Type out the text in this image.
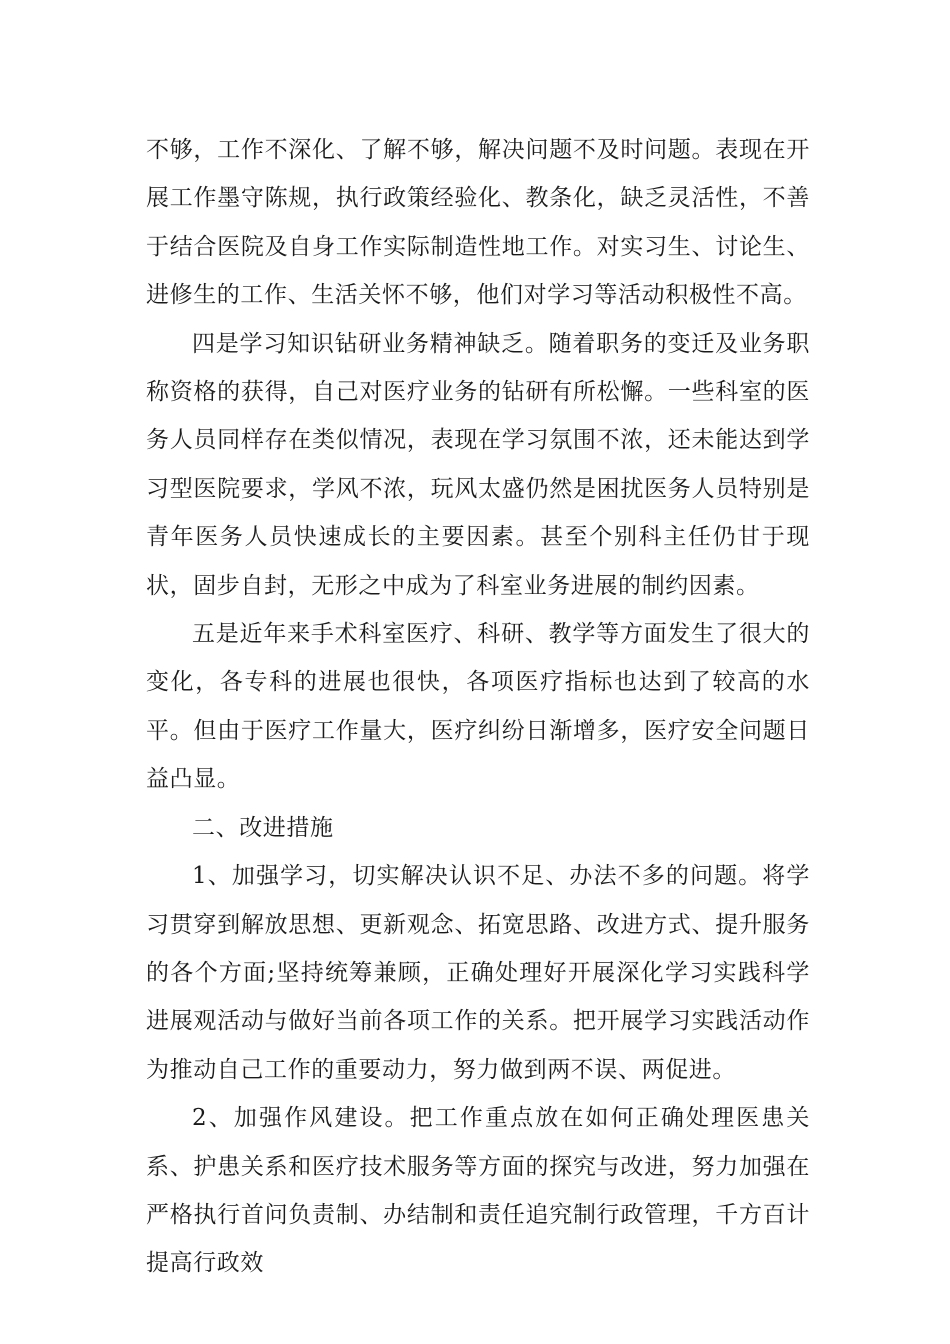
不够，工作不深化、了解不够，解决问题不及时问题。表现在开展工作墨守陈规，执行政策经验化、教条化，缺乏灵活性，不善于结合医院及自身工作实际制造性地工作。对实习生、讨论生、进修生的工作、生活关怀不够，他们对学习等活动积极性不高。

四是学习知识钻研业务精神缺乏。随着职务的变迁及业务职称资格的获得，自己对医疗业务的钻研有所松懈。一些科室的医务人员同样存在类似情况，表现在学习氛围不浓，还未能达到学习型医院要求，学风不浓，玩风太盛仍然是困扰医务人员特别是青年医务人员快速成长的主要因素。甚至个别科主任仍甘于现状，固步自封，无形之中成为了科室业务进展的制约因素。

五是近年来手术科室医疗、科研、教学等方面发生了很大的变化，各专科的进展也很快，各项医疗指标也达到了较高的水平。但由于医疗工作量大，医疗纠纷日渐增多，医疗安全问题日益凸显。

二、改进措施

1、加强学习，切实解决认识不足、办法不多的问题。将学习贯穿到解放思想、更新观念、拓宽思路、改进方式、提升服务的各个方面;坚持统筹兼顾，正确处理好开展深化学习实践科学进展观活动与做好当前各项工作的关系。把开展学习实践活动作为推动自己工作的重要动力，努力做到两不误、两促进。

2、加强作风建设。把工作重点放在如何正确处理医患关系、护患关系和医疗技术服务等方面的探究与改进，努力加强在严格执行首问负责制、办结制和责任追究制行政管理，千方百计提高行政效
